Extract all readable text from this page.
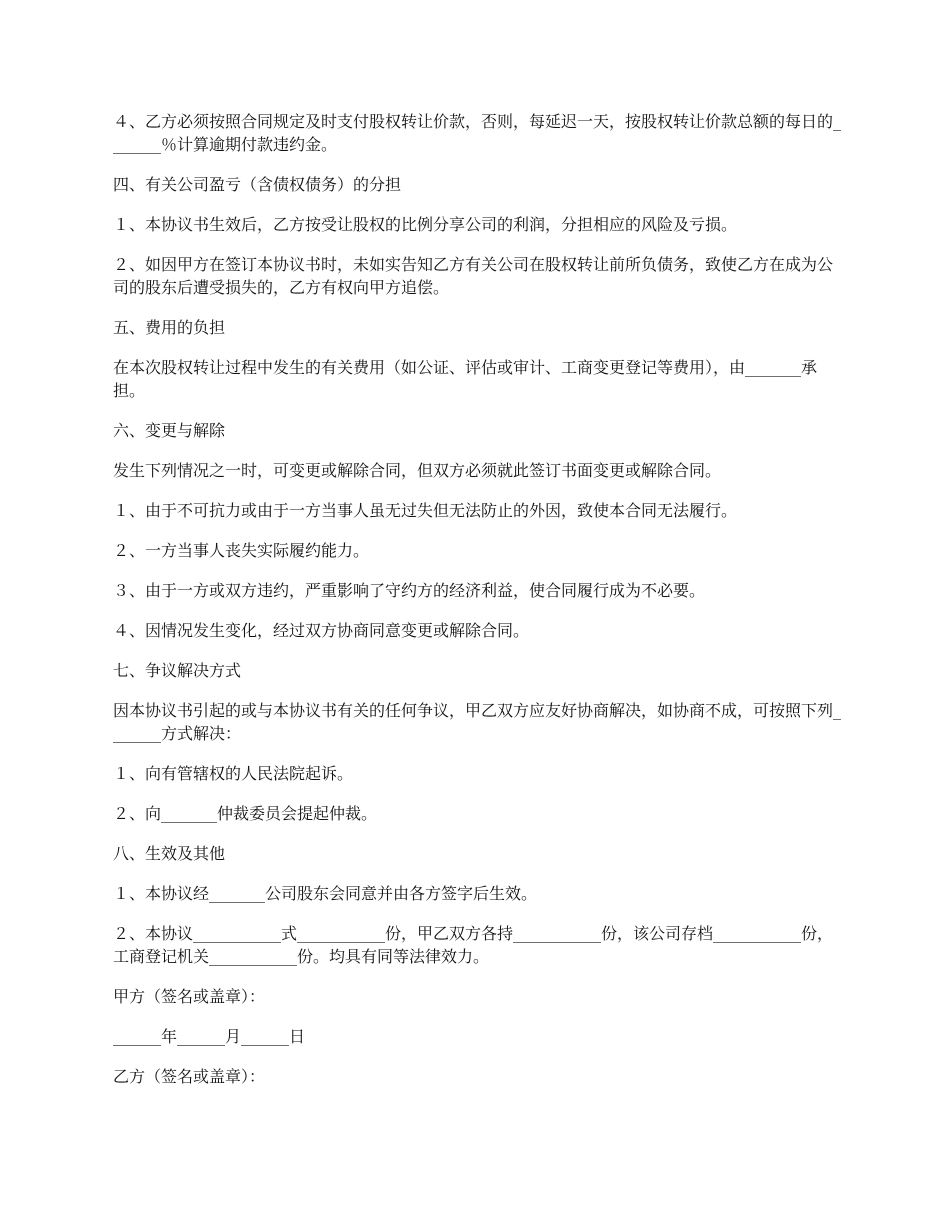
４、乙方必须按照合同规定及时支付股权转让价款，否则，每延迟一天，按股权转让价款总额的每日的_______％计算逾期付款违约金。

四、有关公司盈亏（含债权债务）的分担

１、本协议书生效后，乙方按受让股权的比例分享公司的利润，分担相应的风险及亏损。

２、如因甲方在签订本协议书时，未如实告知乙方有关公司在股权转让前所负债务，致使乙方在成为公司的股东后遭受损失的，乙方有权向甲方追偿。

五、费用的负担

在本次股权转让过程中发生的有关费用（如公证、评估或审计、工商变更登记等费用），由_______承担。

六、变更与解除

发生下列情况之一时，可变更或解除合同，但双方必须就此签订书面变更或解除合同。

１、由于不可抗力或由于一方当事人虽无过失但无法防止的外因，致使本合同无法履行。

２、一方当事人丧失实际履约能力。

３、由于一方或双方违约，严重影响了守约方的经济利益，使合同履行成为不必要。

４、因情况发生变化，经过双方协商同意变更或解除合同。

七、争议解决方式

因本协议书引起的或与本协议书有关的任何争议，甲乙双方应友好协商解决，如协商不成，可按照下列_______方式解决：

１、向有管辖权的人民法院起诉。

２、向_______仲裁委员会提起仲裁。

八、生效及其他

１、本协议经_______公司股东会同意并由各方签字后生效。

２、本协议___________式___________份，甲乙双方各持___________份，该公司存档___________份，工商登记机关___________份。均具有同等法律效力。

甲方（签名或盖章）：

______年______月______日

乙方（签名或盖章）：
